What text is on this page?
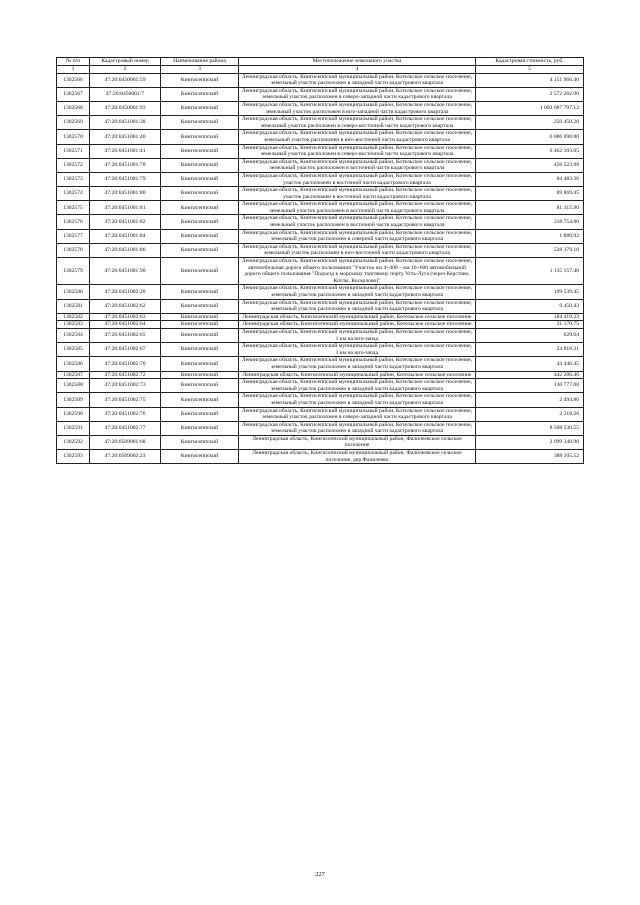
№ п/п	Кадастровый номер	Наименование района	Местоположение земельного участка	Кадастровая стоимость, руб.
1	2	3	4	5
1302566	47:20:0450001:59	Кингисеппский	Ленинградская область, Кингисеппский муниципальный район, Котельское сельское поселение, земельный участок расположен в западной части кадастрового квартала	4 151 966.40
1302567	47:20:0450001:7	Кингисеппский	Ленинградская область, Кингисеппский муниципальный район, Котельское сельское поселение, земельный участок расположен в северо-западной части кадастрового квартала	2 572 262.00
1302568	47:20:0450001:93	Кингисеппский	Ленинградская область, Кингисеппский муниципальный район, Котельское сельское поселение, земельный участок расположен в юго-западной части кадастрового квартала	1 003 087 797.12
1302569	47:20:0451001:38	Кингисеппский	Ленинградская область, Кингисеппский муниципальный район, Котельское сельское поселение, земельный участок расположен в северо-восточной части кадастрового квартала	250 450.20
1302570	47:20:0451001:40	Кингисеппский	Ленинградская область, Кингисеппский муниципальный район, Котельское сельское поселение, земельный участок расположен в юго-восточной части кадастрового квартала	6 086 698.80
1302571	47:20:0451001:41	Кингисеппский	Ленинградская область, Кингисеппский муниципальный район, Котельское сельское поселение, земельный участок расположен в северо-восточной части кадастрового квартала	6 462 103.05
1302572	47:20:0451001:78	Кингисеппский	Ленинградская область, Кингисеппский муниципальный район, Котельское сельское поселение, земельный участок расположен в восточной части кадастрового квартала	456 523.98
1302573	47:20:0451001:79	Кингисеппский	Ленинградская область, Кингисеппский муниципальный район, Котельское сельское поселение, участок расположен в восточной части кадастрового квартала	84 483.36
1302574	47:20:0451001:80	Кингисеппский	Ленинградская область, Кингисеппский муниципальный район, Котельское сельское поселение, участок расположен в восточной части кадастрового квартала	89 869.45
1302575	47:20:0451001:81	Кингисеппский	Ленинградская область, Кингисеппский муниципальный район, Котельское сельское поселение, земельный участок расположен в восточной части кадастрового квартала	81 315.90
1302576	47:20:0451001:82	Кингисеппский	Ленинградская область, Кингисеппский муниципальный район, Котельское сельское поселение, земельный участок расположен в восточной части кадастрового квартала	318 754.80
1302577	47:20:0451001:84	Кингисеппский	Ленинградская область, Кингисеппский муниципальный район, Котельское сельское поселение, земельный участок расположен в северной части кадастрового квартала	1 888.92
1302578	47:20:0451001:86	Кингисеппский	Ленинградская область, Кингисеппский муниципальный район, Котельское сельское поселение, земельный участок расположен в юго-восточной части кадастрового квартала	528 379.10
1302579	47:20:0451001:90	Кингисеппский	Ленинградская область, Кингисеппский муниципальный район, Котельское сельское поселение, автомобильная дорога общего пользования "Участок км 4+400 – км 16+600 автомобильной дороги общего пользования "Подъезд к морскому торговому порту Усть-Луга (через Керстово, Котлы, Косколово)"	1 135 157.40
1302580	47:20:0451002:28	Кингисеппский	Ленинградская область, Кингисеппский муниципальный район, Котельское сельское поселение, земельный участок расположен в западной части кадастрового квартала	199 539.45
1302581	47:20:0451002:62	Кингисеппский	Ленинградская область, Кингисеппский муниципальный район, Котельское сельское поселение, земельный участок расположен в западной части кадастрового квартала	9 450.43
1302582	47:20:0451002:63	Кингисеппский	Ленинградская область, Кингисеппский муниципальный район, Котельское сельское поселение	184 419.23
1302583	47:20:0451002:64	Кингисеппский	Ленинградская область, Кингисеппский муниципальный район, Котельское сельское поселение	31 170.75
1302584	47:20:0451002:65	Кингисеппский	Ленинградская область, Кингисеппский муниципальный район, Котельское сельское поселение, 1 км на юго-запад	629.64
1302585	47:20:0451002:67	Кингисеппский	Ленинградская область, Кингисеппский муниципальный район, Котельское сельское поселение, 1 км на юго-запад	24 818.31
1302586	47:20:0451002:70	Кингисеппский	Ленинградская область, Кингисеппский муниципальный район, Котельское сельское поселение, земельный участок расположен в западной части кадастрового квартала	43 446.45
1302587	47:20:0451002:72	Кингисеппский	Ленинградская область, Кингисеппский муниципальный район, Котельское сельское поселение	442 286.46
1302588	47:20:0451002:73	Кингисеппский	Ленинградская область, Кингисеппский муниципальный район, Котельское сельское поселение, земельный участок расположен в западной части кадастрового квартала	130 777.08
1302589	47:20:0451002:75	Кингисеппский	Ленинградская область, Кингисеппский муниципальный район, Котельское сельское поселение, земельный участок расположен в западной части кадастрового квартала	2 494.86
1302590	47:20:0451002:76	Кингисеппский	Ленинградская область, Кингисеппский муниципальный район, Котельское сельское поселение, земельный участок расположен в северо-западной части кадастрового квартала	2 318.26
1302591	47:20:0451002:77	Кингисеппский	Ленинградская область, Кингисеппский муниципальный район, Котельское сельское поселение, земельный участок расположен в западной части кадастрового квартала	8 508 530.55
1302592	47:20:0509001:68	Кингисеппский	Ленинградская область, Кингисеппский муниципальный район, Фалилеевское сельское поселение	2 099 348.90
1302593	47:20:0509002:23	Кингисеппский	Ленинградская область, Кингисеппский муниципальный район, Фалилеевское сельское поселение, дер Фалилеево	388 105.52
227
